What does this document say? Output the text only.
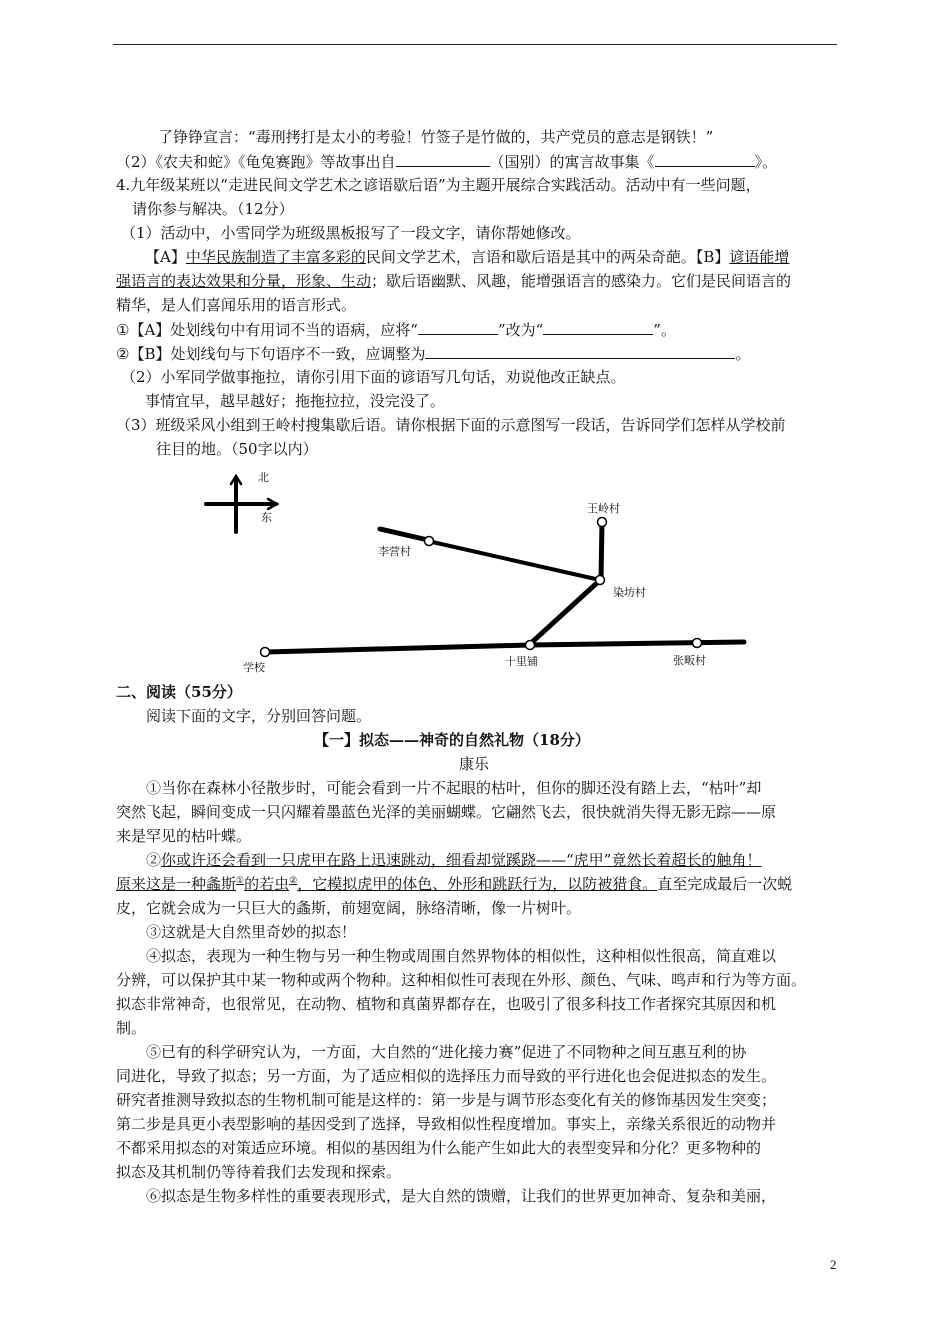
了铮铮宣言：“毒刑拷打是太小的考验！竹签子是竹做的，共产党员的意志是钢铁！”
（2）《农夫和蛇》《龟兔赛跑》等故事出自	（国别）的寓言故事集《	》。
4.九年级某班以“走进民间文学艺术之谚语歇后语”为主题开展综合实践活动。活动中有一些问题，
请你参与解决。（12分）
（1）活动中，小雪同学为班级黑板报写了一段文字，请你帮她修改。
【A】中华民族制造了丰富多彩的民间文学艺术，言语和歇后语是其中的两朵奇葩。【B】谚语能增
强语言的表达效果和分量，形象、生动；歇后语幽默、风趣，能增强语言的感染力。它们是民间语言的
精华，是人们喜闻乐用的语言形式。
①【A】处划线句中有用词不当的语病，应将“	”改为“	”。
②【B】处划线句与下句语序不一致，应调整为	。
（2）小军同学做事拖拉，请你引用下面的谚语写几句话，劝说他改正缺点。
事情宜早，越早越好；拖拖拉拉，没完没了。
（3）班级采风小组到王岭村搜集歇后语。请你根据下面的示意图写一段话，告诉同学们怎样从学校前
往目的地。（50字以内）
北
东
王岭村
李营村
染坊村
学校	十里铺	张畈村
二、阅读（55分）
阅读下面的文字，分别回答问题。
【一】拟态——神奇的自然礼物（18分）
康乐
①当你在森林小径散步时，可能会看到一片不起眼的枯叶，但你的脚还没有踏上去，“枯叶”却
突然飞起，瞬间变成一只闪耀着墨蓝色光泽的美丽蝴蝶。它翩然飞去，很快就消失得无影无踪——原
来是罕见的枯叶蝶。
②你或许还会看到一只虎甲在路上迅速跳动，细看却觉蹊跷——“虎甲”竟然长着超长的触角！
原来这是一种螽斯①的若虫②，它模拟虎甲的体色、外形和跳跃行为，以防被猎食。直至完成最后一次蜕
皮，它就会成为一只巨大的螽斯，前翅宽阔，脉络清晰，像一片树叶。
③这就是大自然里奇妙的拟态！
④拟态，表现为一种生物与另一种生物或周围自然界物体的相似性，这种相似性很高，简直难以
分辨，可以保护其中某一物种或两个物种。这种相似性可表现在外形、颜色、气味、鸣声和行为等方面。
拟态非常神奇，也很常见，在动物、植物和真菌界都存在，也吸引了很多科技工作者探究其原因和机
制。
⑤已有的科学研究认为，一方面，大自然的“进化接力赛”促进了不同物种之间互惠互利的协
同进化，导致了拟态；另一方面，为了适应相似的选择压力而导致的平行进化也会促进拟态的发生。
研究者推测导致拟态的生物机制可能是这样的：第一步是与调节形态变化有关的修饰基因发生突变；
第二步是具更小表型影响的基因受到了选择，导致相似性程度增加。事实上，亲缘关系很近的动物并
不都采用拟态的对策适应环境。相似的基因组为什么能产生如此大的表型变异和分化？更多物种的
拟态及其机制仍等待着我们去发现和探索。
⑥拟态是生物多样性的重要表现形式，是大自然的馈赠，让我们的世界更加神奇、复杂和美丽，
2
